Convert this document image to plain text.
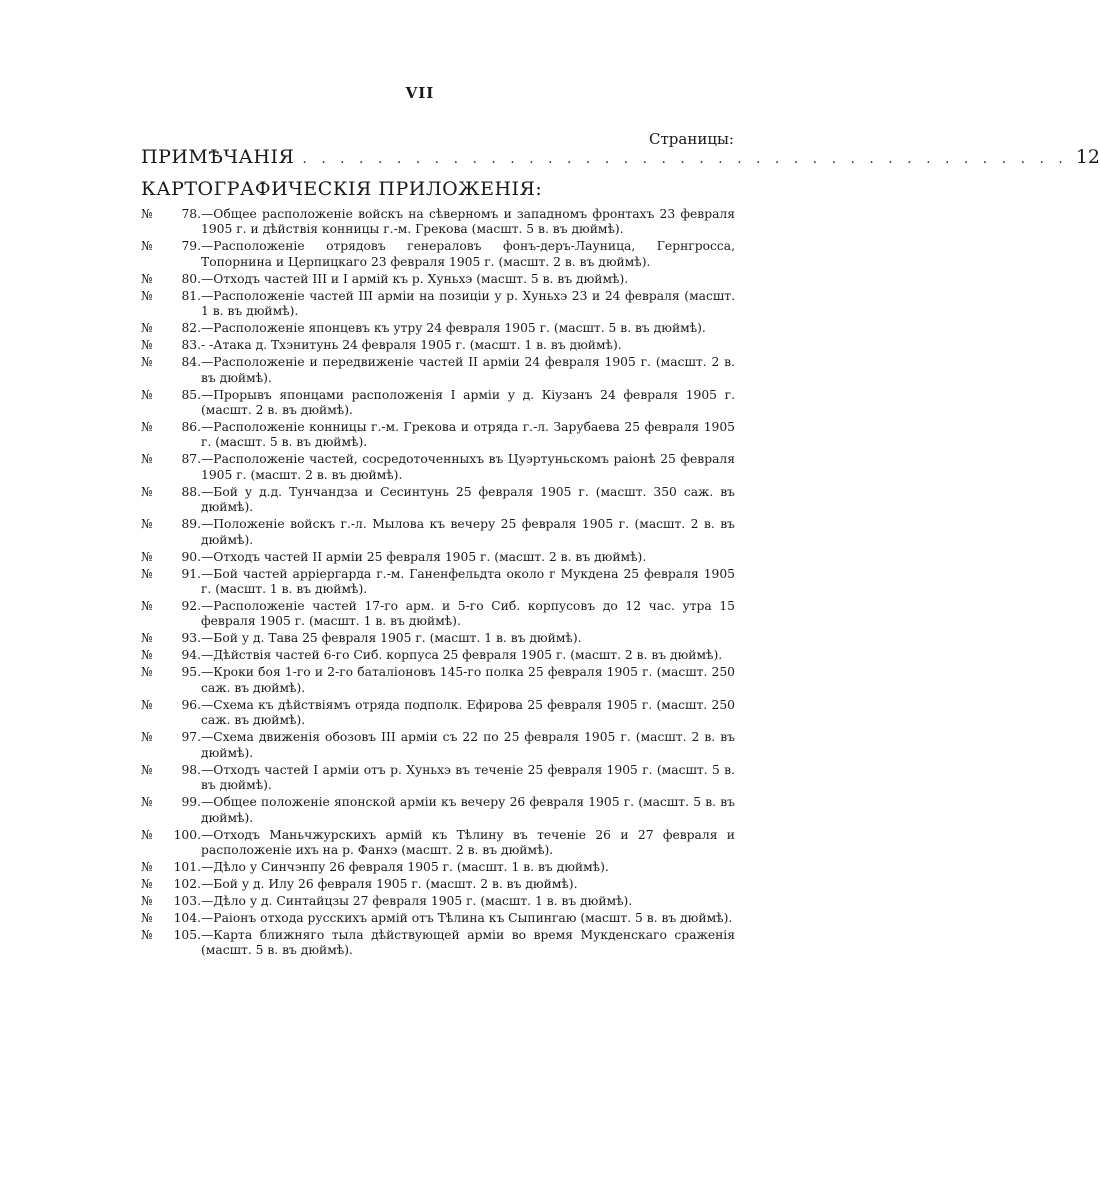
VII
Страницы:
ПРИМѢЧАНІЯ . . . . . . . . . . . . . . . . . . . . . . . . . . . . . . . . . . . . . . . . . 12
КАРТОГРАФИЧЕСКІЯ ПРИЛОЖЕНІЯ:
№ 78. —Общее расположеніе войскъ на сѣверномъ и западномъ фронтахъ 23 февраля 1905 г. и дѣйствія конницы г.-м. Грекова (масшт. 5 в. въ дюймѣ).
№ 79. —Расположеніе отрядовъ генераловъ фонъ-деръ-Лауница, Гернгросса, Топорнина и Церпицкаго 23 февраля 1905 г. (масшт. 2 в. въ дюймѣ).
№ 80. —Отходъ частей III и I армій къ р. Хуньхэ (масшт. 5 в. въ дюймѣ).
№ 81. —Расположеніе частей III арміи на позиціи у р. Хуньхэ 23 и 24 февраля (масшт. 1 в. въ дюймѣ).
№ 82. —Расположеніе японцевъ къ утру 24 февраля 1905 г. (масшт. 5 в. въ дюймѣ).
№ 83. - -Атака д. Тхэнитунь 24 февраля 1905 г. (масшт. 1 в. въ дюймѣ).
№ 84. —Расположеніе и передвиженіе частей II арміи 24 февраля 1905 г. (масшт. 2 в. въ дюймѣ).
№ 85. —Прорывъ японцами расположенія I арміи у д. Кіузанъ 24 февраля 1905 г. (масшт. 2 в. въ дюймѣ).
№ 86. —Расположеніе конницы г.-м. Грекова и отряда г.-л. Зарубаева 25 февраля 1905 г. (масшт. 5 в. въ дюймѣ).
№ 87. —Расположеніе частей, сосредоточенныхъ въ Цуэртуньскомъ раіонѣ 25 февраля 1905 г. (масшт. 2 в. въ дюймѣ).
№ 88. —Бой у д.д. Тунчандза и Сесинтунь 25 февраля 1905 г. (масшт. 350 саж. въ дюймѣ).
№ 89. —Положеніе войскъ г.-л. Мылова къ вечеру 25 февраля 1905 г. (масшт. 2 в. въ дюймѣ).
№ 90. —Отходъ частей II арміи 25 февраля 1905 г. (масшт. 2 в. въ дюймѣ).
№ 91. —Бой частей арріергарда г.-м. Ганенфельдта около г Мукдена 25 февраля 1905 г. (масшт. 1 в. въ дюймѣ).
№ 92. —Расположеніе частей 17-го арм. и 5-го Сиб. корпусовъ до 12 час. утра 15 февраля 1905 г. (масшт. 1 в. въ дюймѣ).
№ 93. —Бой у д. Тава 25 февраля 1905 г. (масшт. 1 в. въ дюймѣ).
№ 94. —Дѣйствія частей 6-го Сиб. корпуса 25 февраля 1905 г. (масшт. 2 в. въ дюймѣ).
№ 95. —Кроки боя 1-го и 2-го баталіоновъ 145-го полка 25 февраля 1905 г. (масшт. 250 саж. въ дюймѣ).
№ 96. —Схема къ дѣйствіямъ отряда подполк. Ефирова 25 февраля 1905 г. (масшт. 250 саж. въ дюймѣ).
№ 97. —Схема движенія обозовъ III арміи съ 22 по 25 февраля 1905 г. (масшт. 2 в. въ дюймѣ).
№ 98. —Отходъ частей I арміи отъ р. Хуньхэ въ теченіе 25 февраля 1905 г. (масшт. 5 в. въ дюймѣ).
№ 99. —Общее положеніе японской арміи къ вечеру 26 февраля 1905 г. (масшт. 5 в. въ дюймѣ).
№ 100. —Отходъ Маньчжурскихъ армій къ Тѣлину въ теченіе 26 и 27 февраля и расположеніе ихъ на р. Фанхэ (масшт. 2 в. въ дюймѣ).
№ 101. —Дѣло у Синчэнпу 26 февраля 1905 г. (масшт. 1 в. въ дюймѣ).
№ 102. —Бой у д. Илу 26 февраля 1905 г. (масшт. 2 в. въ дюймѣ).
№ 103. —Дѣло у д. Синтайцзы 27 февраля 1905 г. (масшт. 1 в. въ дюймѣ).
№ 104. —Раіонъ отхода русскихъ армій отъ Тѣлина къ Сыпингаю (масшт. 5 в. въ дюймѣ).
№ 105. —Карта ближняго тыла дѣйствующей арміи во время Мукденскаго сраженія (масшт. 5 в. въ дюймѣ).
